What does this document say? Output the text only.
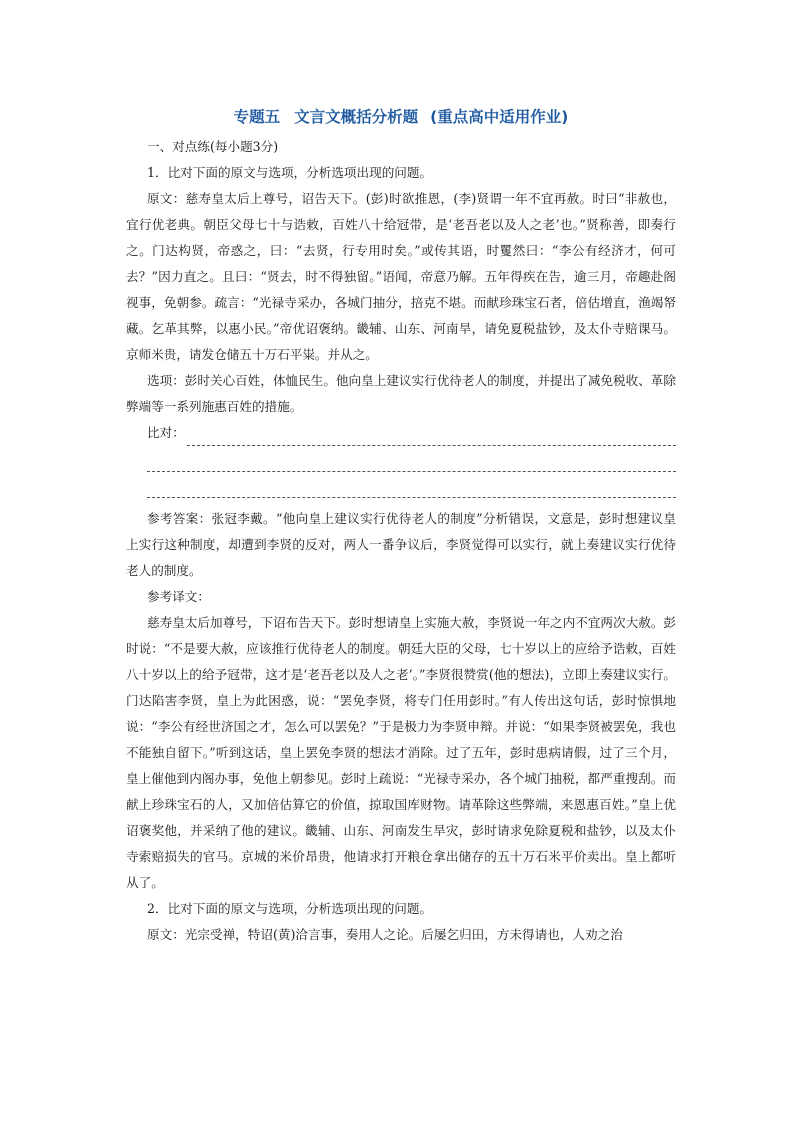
专题五 文言文概括分析题 (重点高中适用作业)

一、对点练(每小题3分)

1．比对下面的原文与选项，分析选项出现的问题。

原文：慈寿皇太后上尊号，诏告天下。(彭)时欲推恩，(李)贤谓一年不宜再赦。时曰“非赦也，宜行优老典。朝臣父母七十与诰敕，百姓八十给冠带，是‘老吾老以及人之老’也。”贤称善，即奏行之。门达构贤，帝惑之，曰：“去贤，行专用时矣。”或传其语，时矍然曰：“李公有经济才，何可去？”因力直之。且曰：“贤去，时不得独留。”语闻，帝意乃解。五年得疾在告，逾三月，帝趣赴阁视事，免朝参。疏言：“光禄寺采办，各城门抽分，掊克不堪。而献珍珠宝石者，倍估增直，渔竭帑藏。乞革其弊，以惠小民。”帝优诏褒纳。畿辅、山东、河南旱，请免夏税盐钞，及太仆寺赔课马。京师米贵，请发仓储五十万石平粜。并从之。

选项：彭时关心百姓，体恤民生。他向皇上建议实行优待老人的制度，并提出了减免税收、革除弊端等一系列施惠百姓的措施。

比对：

参考答案：张冠李戴。“他向皇上建议实行优待老人的制度”分析错误，文意是，彭时想建议皇上实行这种制度，却遭到李贤的反对，两人一番争议后，李贤觉得可以实行，就上奏建议实行优待老人的制度。

参考译文：

慈寿皇太后加尊号，下诏布告天下。彭时想请皇上实施大赦，李贤说一年之内不宜两次大赦。彭时说：“不是要大赦，应该推行优待老人的制度。朝廷大臣的父母，七十岁以上的应给予诰敕，百姓八十岁以上的给予冠带，这才是‘老吾老以及人之老’。”李贤很赞赏(他的想法)，立即上奏建议实行。门达陷害李贤，皇上为此困惑，说：“罢免李贤，将专门任用彭时。”有人传出这句话，彭时惊惧地说：“李公有经世济国之才，怎么可以罢免？”于是极力为李贤申辩。并说：“如果李贤被罢免，我也不能独自留下。”听到这话，皇上罢免李贤的想法才消除。过了五年，彭时患病请假，过了三个月，皇上催他到内阁办事，免他上朝参见。彭时上疏说：“光禄寺采办，各个城门抽税，都严重搜刮。而献上珍珠宝石的人，又加倍估算它的价值，掠取国库财物。请革除这些弊端，来恩惠百姓。”皇上优诏褒奖他，并采纳了他的建议。畿辅、山东、河南发生旱灾，彭时请求免除夏税和盐钞，以及太仆寺索赔损失的官马。京城的米价昂贵，他请求打开粮仓拿出储存的五十万石米平价卖出。皇上都听从了。

2．比对下面的原文与选项，分析选项出现的问题。

原文：光宗受禅，特诏(黄)洽言事，奏用人之论。后屡乞归田，方未得请也，人劝之治
